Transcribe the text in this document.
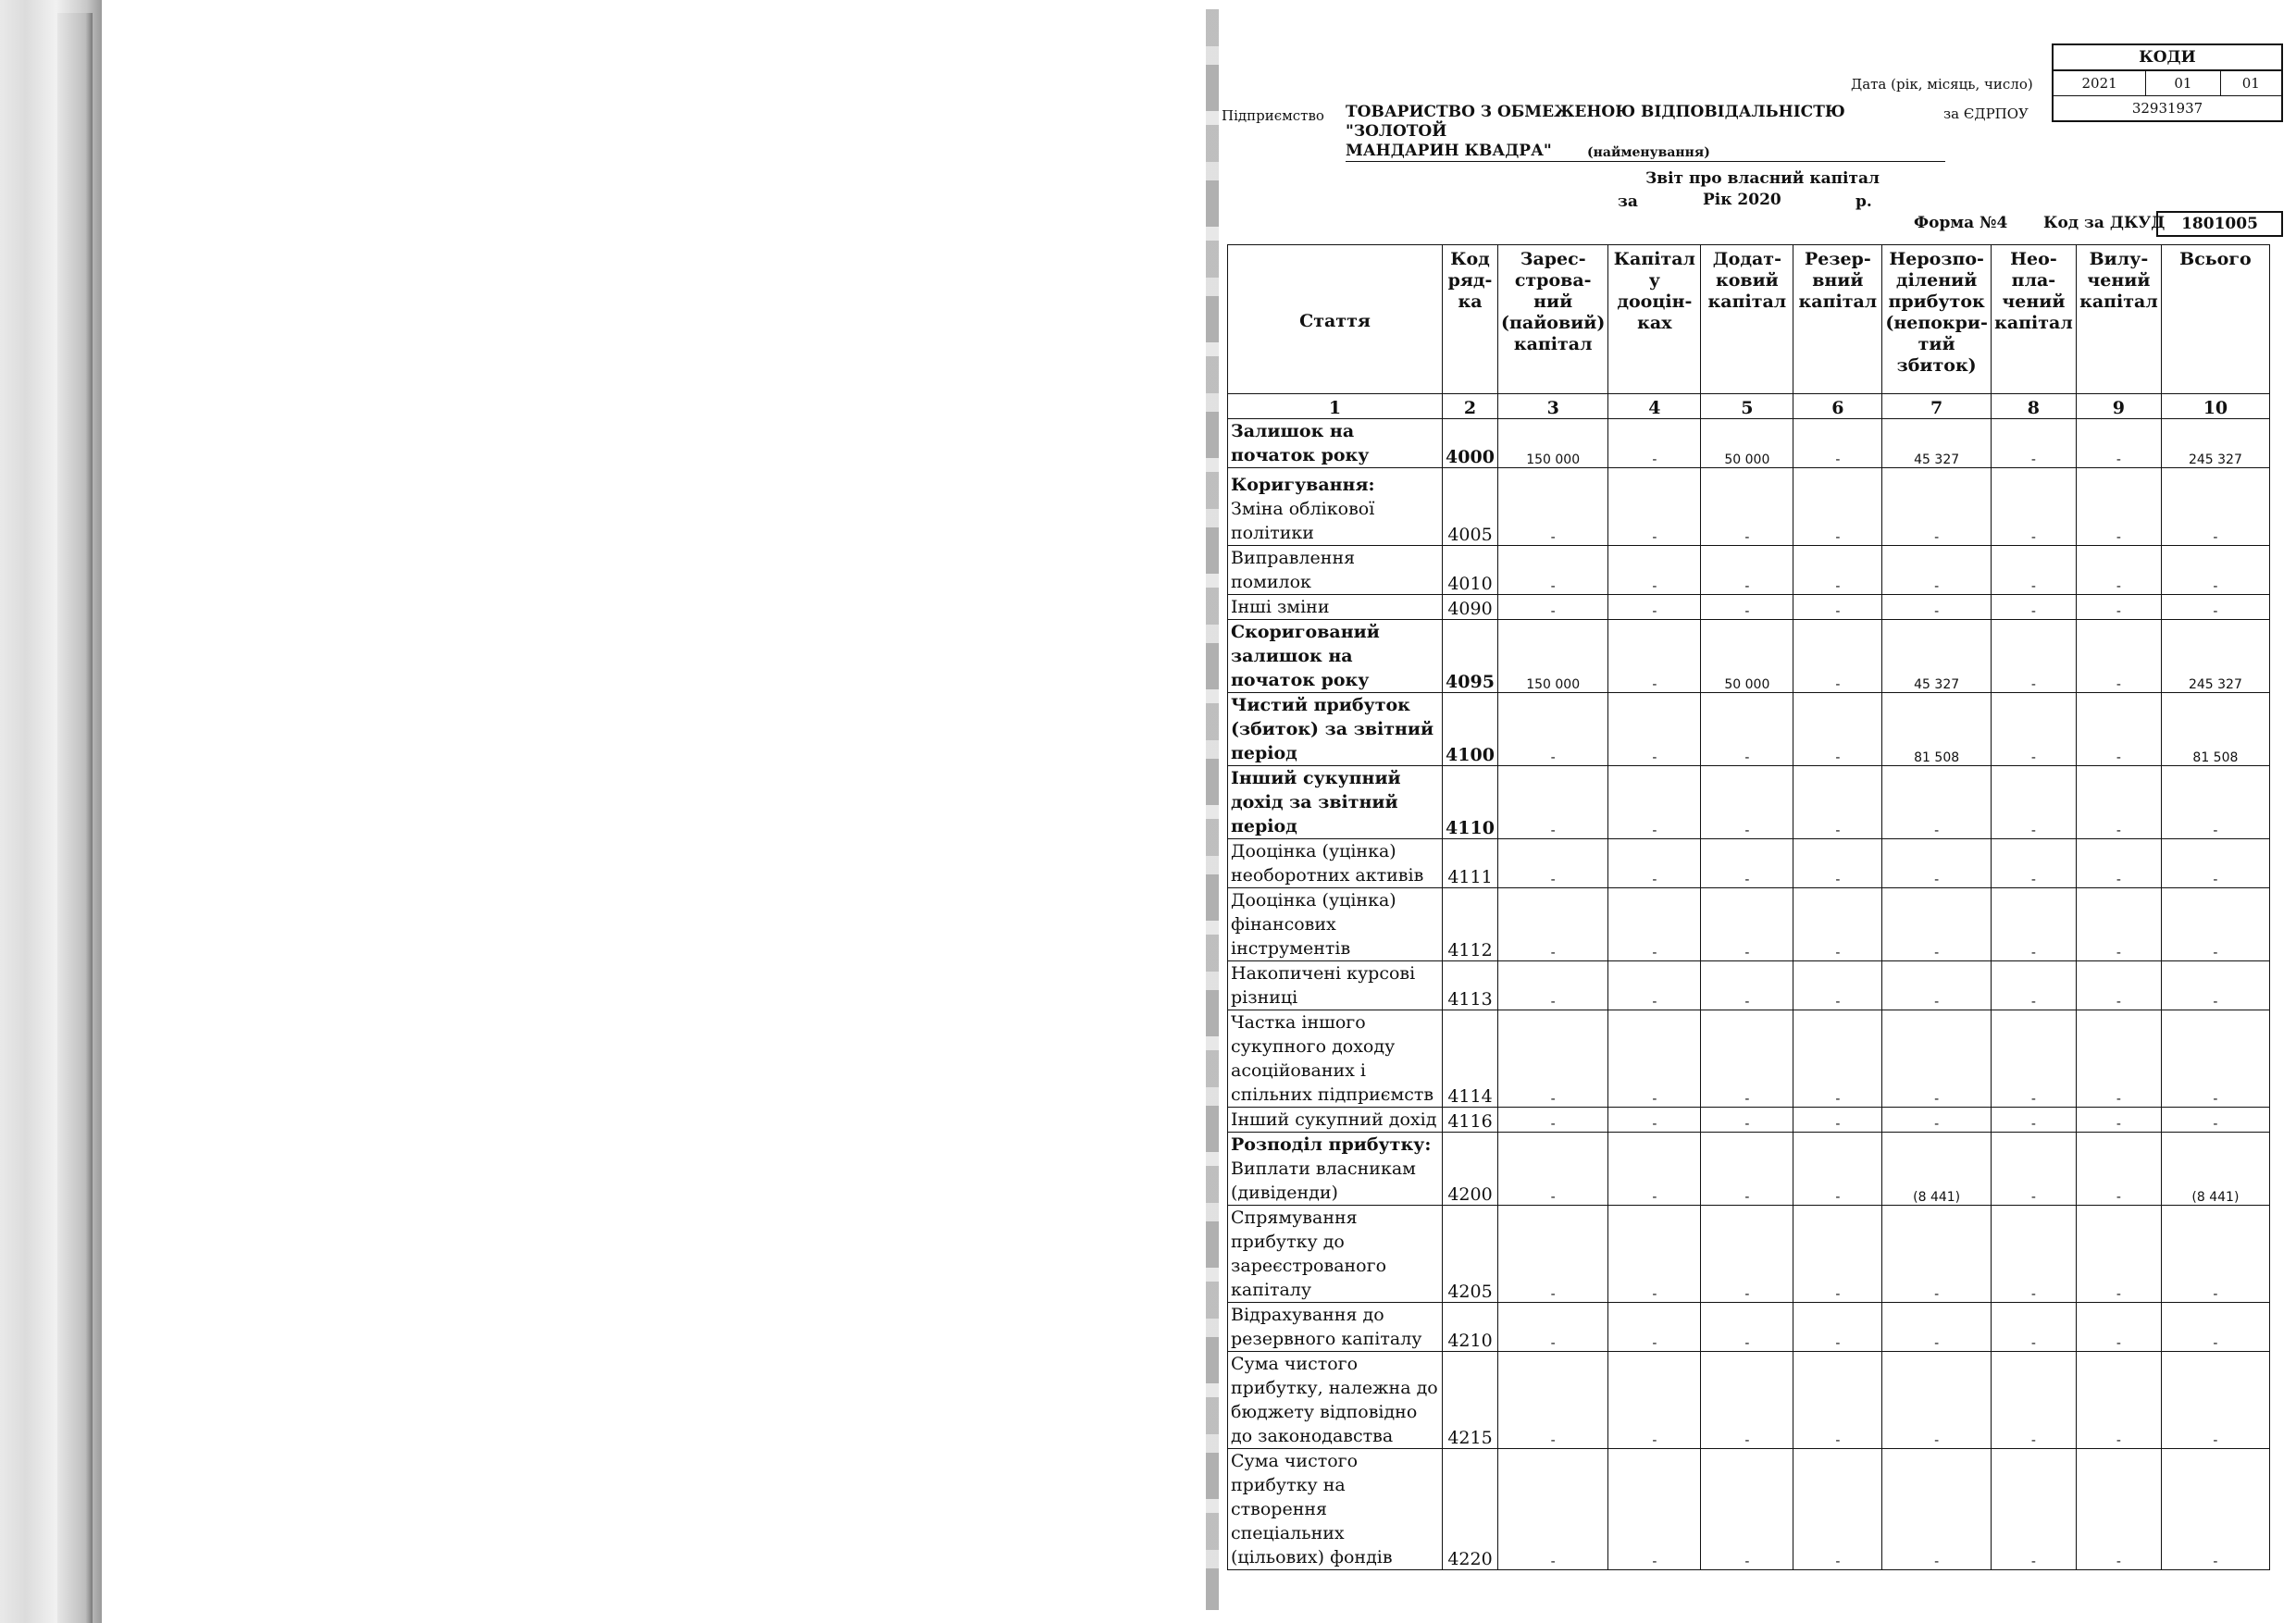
Дата (рік, місяць, число)
КОДИ
2021	01	01
32931937
Підприємство ТОВАРИСТВО З ОБМЕЖЕНОЮ ВІДПОВІДАЛЬНІСТЮ "ЗОЛОТОЙ
МАНДАРИН КВАДРА"
за ЄДРПОУ
(найменування)
Звіт про власний капітал
за	Рік 2020	р.
Форма №4 Код за ДКУД	1801005
Стаття	Код ряд-ка	Зарес-строва-ний (пайовий) капітал	Капітал у дооцін-ках	Додат-ковий капітал	Резер-вний капітал	Нерозпо-ділений прибуток (непокри-тий збиток)	Нео-пла-чений капітал	Вилу-чений капітал	Всього
1	2	3	4	5	6	7	8	9	10
Залишок на початок року	4000	150 000	-	50 000	-	45 327	-	-	245 327

Коригування:
Зміна облікової політики	4005	-	-	-	-	-	-	-	-
Виправлення помилок	4010	-	-	-	-	-	-	-	-
Інші зміни	4090	-	-	-	-	-	-	-	-
Скоригований залишок на початок року	4095	150 000	-	50 000	-	45 327	-	-	245 327
Чистий прибуток (збиток) за звітний період	4100	-	-	-	-	81 508	-	-	81 508
Інший сукупний дохід за звітний період	4110	-	-	-	-	-	-	-	-
Дооцінка (уцінка) необоротних активів	4111	-	-	-	-	-	-	-	-
Дооцінка (уцінка) фінансових інструментів	4112	-	-	-	-	-	-	-	-
Накопичені курсові різниці	4113	-	-	-	-	-	-	-	-
Частка іншого сукупного доходу асоційованих і спільних підприємств	4114	-	-	-	-	-	-	-	-
Інший сукупний дохід	4116	-	-	-	-	-	-	-	-

Розподіл прибутку:
Виплати власникам (дивіденди)	4200	-	-	-	-	(8 441)	-	-	(8 441)
Спрямування прибутку до зареєстрованого капіталу	4205	-	-	-	-	-	-	-	-
Відрахування до резервного капіталу	4210	-	-	-	-	-	-	-	-
Сума чистого прибутку, належна до бюджету відповідно до законодавства	4215	-	-	-	-	-	-	-	-
Сума чистого прибутку на створення спеціальних (цільових) фондів	4220	-	-	-	-	-	-	-	-
